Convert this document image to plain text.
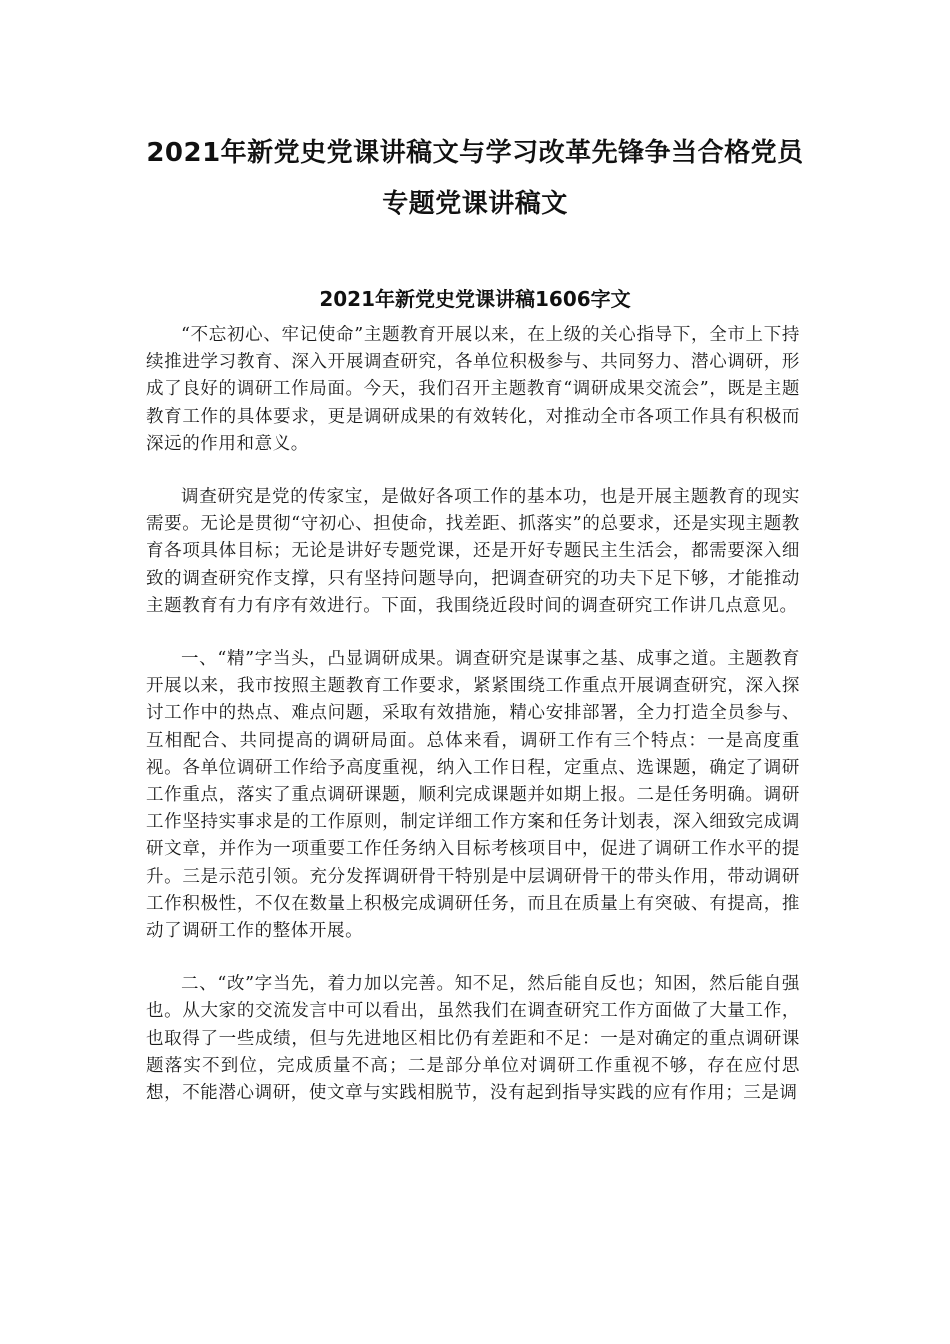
2021年新党史党课讲稿文与学习改革先锋争当合格党员专题党课讲稿文
2021年新党史党课讲稿1606字文

“不忘初心、牢记使命”主题教育开展以来，在上级的关心指导下，全市上下持续推进学习教育、深入开展调查研究，各单位积极参与、共同努力、潜心调研，形成了良好的调研工作局面。今天，我们召开主题教育“调研成果交流会”，既是主题教育工作的具体要求，更是调研成果的有效转化，对推动全市各项工作具有积极而深远的作用和意义。

调查研究是党的传家宝，是做好各项工作的基本功，也是开展主题教育的现实需要。无论是贯彻“守初心、担使命，找差距、抓落实”的总要求，还是实现主题教育各项具体目标；无论是讲好专题党课，还是开好专题民主生活会，都需要深入细致的调查研究作支撑，只有坚持问题导向，把调查研究的功夫下足下够，才能推动主题教育有力有序有效进行。下面，我围绕近段时间的调查研究工作讲几点意见。

一、“精”字当头，凸显调研成果。调查研究是谋事之基、成事之道。主题教育开展以来，我市按照主题教育工作要求，紧紧围绕工作重点开展调查研究，深入探讨工作中的热点、难点问题，采取有效措施，精心安排部署，全力打造全员参与、互相配合、共同提高的调研局面。总体来看，调研工作有三个特点：一是高度重视。各单位调研工作给予高度重视，纳入工作日程，定重点、选课题，确定了调研工作重点，落实了重点调研课题，顺利完成课题并如期上报。二是任务明确。调研工作坚持实事求是的工作原则，制定详细工作方案和任务计划表，深入细致完成调研文章，并作为一项重要工作任务纳入目标考核项目中，促进了调研工作水平的提升。三是示范引领。充分发挥调研骨干特别是中层调研骨干的带头作用，带动调研工作积极性，不仅在数量上积极完成调研任务，而且在质量上有突破、有提高，推动了调研工作的整体开展。

二、“改”字当先，着力加以完善。知不足，然后能自反也；知困，然后能自强也。从大家的交流发言中可以看出，虽然我们在调查研究工作方面做了大量工作，也取得了一些成绩，但与先进地区相比仍有差距和不足：一是对确定的重点调研课题落实不到位，完成质量不高；二是部分单位对调研工作重视不够，存在应付思想，不能潜心调研，使文章与实践相脱节，没有起到指导实践的应有作用；三是调
